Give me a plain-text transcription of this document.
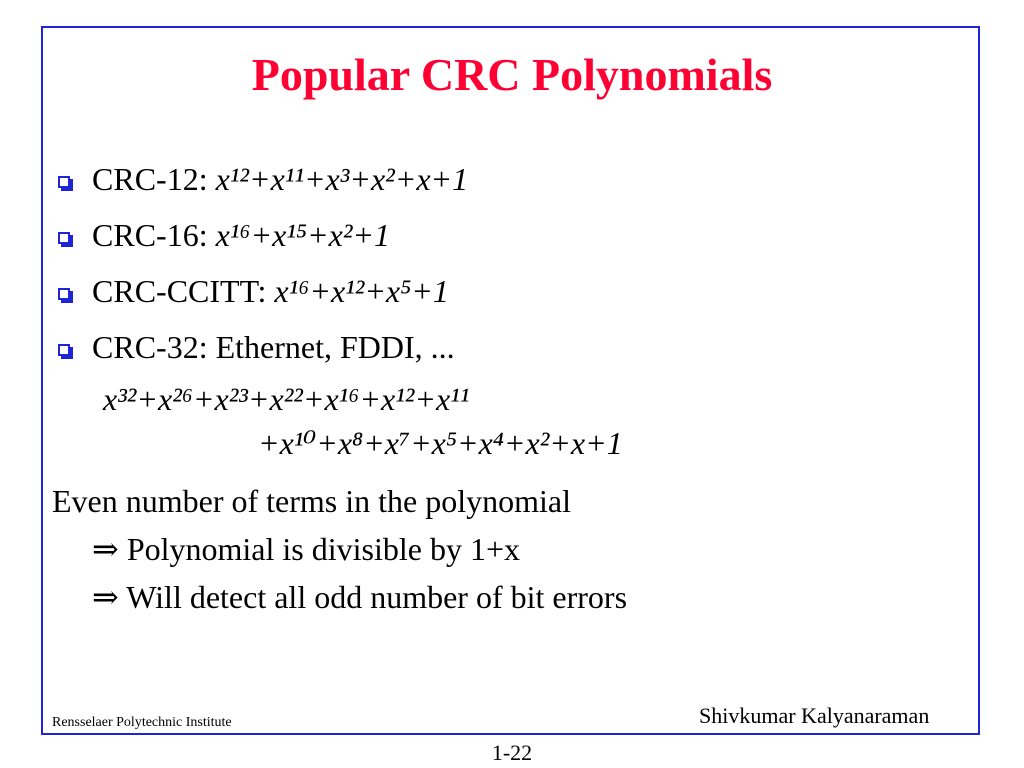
Popular CRC Polynomials
CRC-12: x¹²+x¹¹+x³+x²+x+1
CRC-16: x¹⁶+x¹⁵+x²+1
CRC-CCITT: x¹⁶+x¹²+x⁵+1
CRC-32: Ethernet, FDDI, ...
x³²+x²⁶+x²³+x²²+x¹⁶+x¹²+x¹¹
+x¹⁰+x⁸+x⁷+x⁵+x⁴+x²+x+1
Even number of terms in the polynomial
⇒ Polynomial is divisible by 1+x
⇒ Will detect all odd number of bit errors
Rensselaer Polytechnic Institute	Shivkumar Kalyanaraman
1-22
